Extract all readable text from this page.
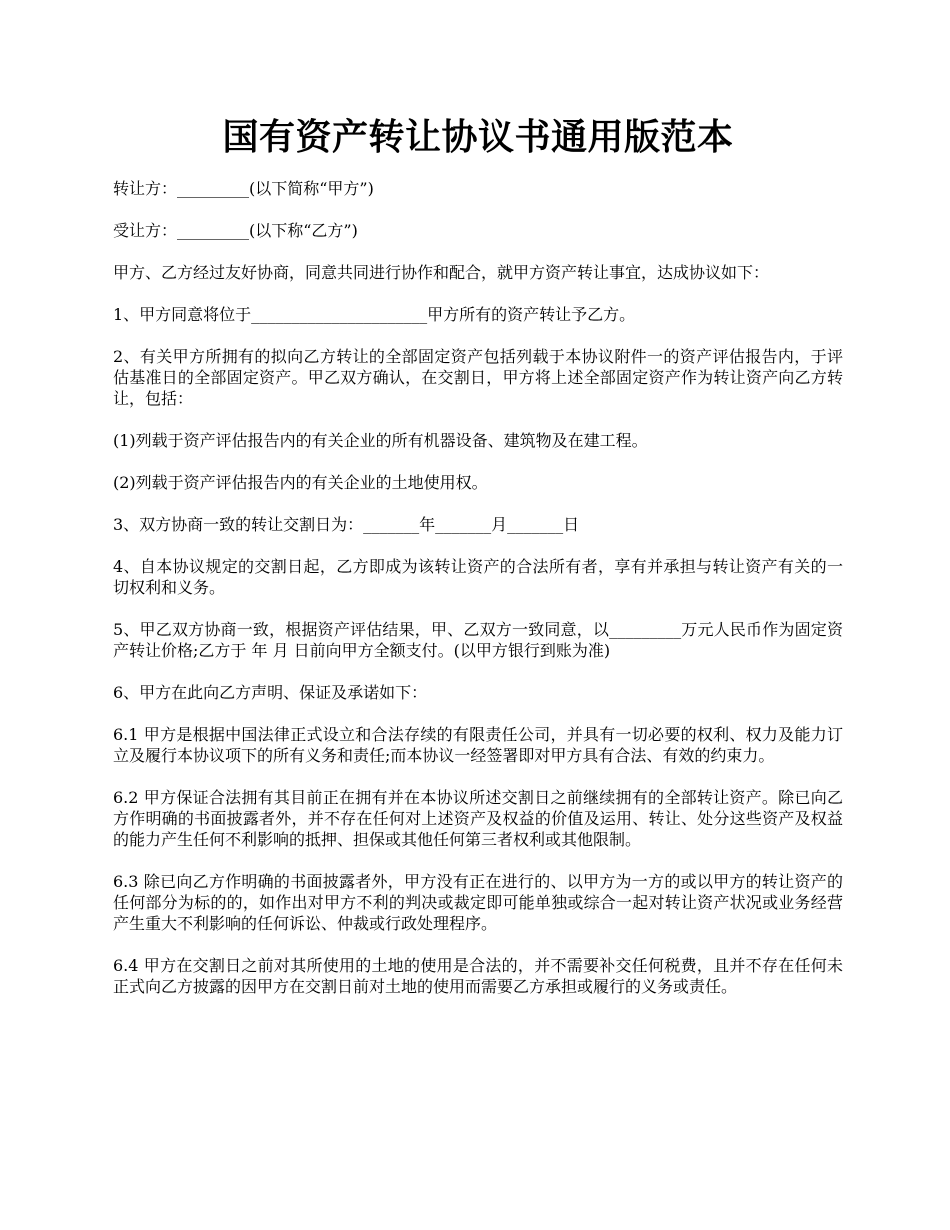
国有资产转让协议书通用版范本

转让方：_________(以下简称“甲方”)

受让方：_________(以下称“乙方”)

甲方、乙方经过友好协商，同意共同进行协作和配合，就甲方资产转让事宜，达成协议如下：

1、甲方同意将位于______________________甲方所有的资产转让予乙方。

2、有关甲方所拥有的拟向乙方转让的全部固定资产包括列载于本协议附件一的资产评估报告内，于评估基准日的全部固定资产。甲乙双方确认，在交割日，甲方将上述全部固定资产作为转让资产向乙方转让，包括：

(1)列载于资产评估报告内的有关企业的所有机器设备、建筑物及在建工程。

(2)列载于资产评估报告内的有关企业的土地使用权。

3、双方协商一致的转让交割日为：_______年_______月_______日

4、自本协议规定的交割日起，乙方即成为该转让资产的合法所有者，享有并承担与转让资产有关的一切权利和义务。

5、甲乙双方协商一致，根据资产评估结果，甲、乙双方一致同意，以_________万元人民币作为固定资产转让价格;乙方于 年 月 日前向甲方全额支付。(以甲方银行到账为准)

6、甲方在此向乙方声明、保证及承诺如下：

6.1 甲方是根据中国法律正式设立和合法存续的有限责任公司，并具有一切必要的权利、权力及能力订立及履行本协议项下的所有义务和责任;而本协议一经签署即对甲方具有合法、有效的约束力。

6.2 甲方保证合法拥有其目前正在拥有并在本协议所述交割日之前继续拥有的全部转让资产。除已向乙方作明确的书面披露者外，并不存在任何对上述资产及权益的价值及运用、转让、处分这些资产及权益的能力产生任何不利影响的抵押、担保或其他任何第三者权利或其他限制。

6.3 除已向乙方作明确的书面披露者外，甲方没有正在进行的、以甲方为一方的或以甲方的转让资产的任何部分为标的的，如作出对甲方不利的判决或裁定即可能单独或综合一起对转让资产状况或业务经营产生重大不利影响的任何诉讼、仲裁或行政处理程序。

6.4 甲方在交割日之前对其所使用的土地的使用是合法的，并不需要补交任何税费，且并不存在任何未正式向乙方披露的因甲方在交割日前对土地的使用而需要乙方承担或履行的义务或责任。
